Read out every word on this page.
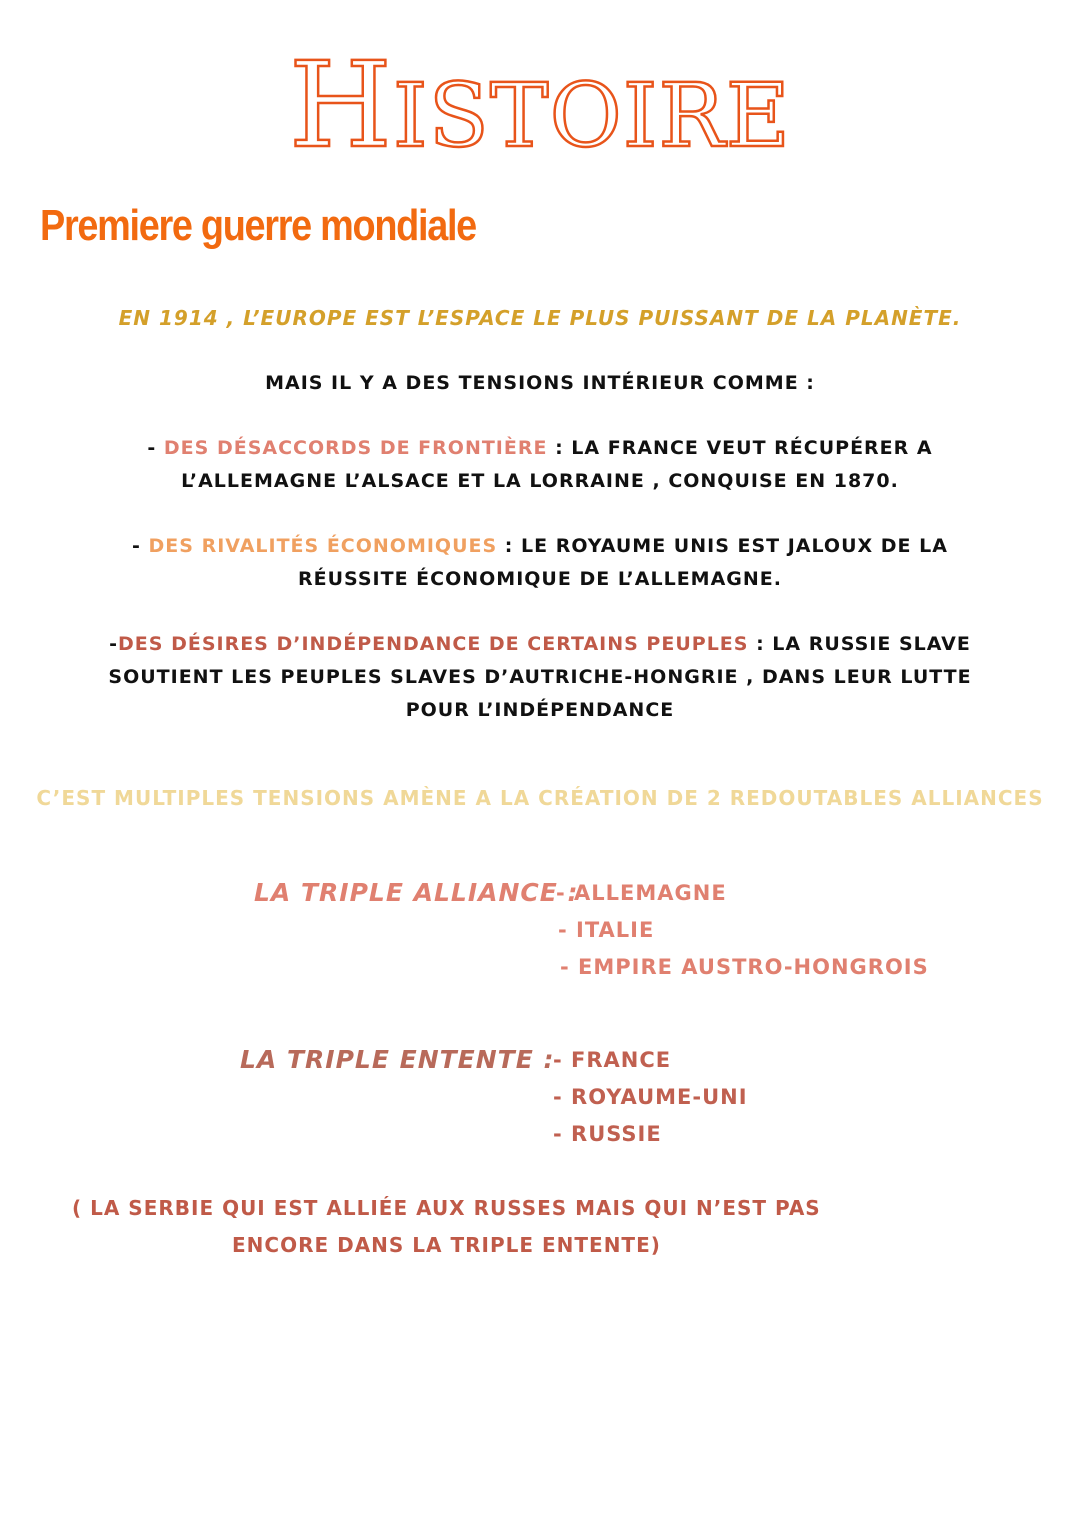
HISTOIRE
Premiere guerre mondiale
EN 1914 , L’EUROPE EST L’ESPACE LE PLUS PUISSANT DE LA PLANÈTE.
MAIS IL Y A DES TENSIONS INTÉRIEUR COMME :
- DES DÉSACCORDS DE FRONTIÈRE : LA FRANCE VEUT RÉCUPÉRER A
L’ALLEMAGNE L’ALSACE ET LA LORRAINE , CONQUISE EN 1870.
- DES RIVALITÉS ÉCONOMIQUES : LE ROYAUME UNIS EST JALOUX DE LA
RÉUSSITE ÉCONOMIQUE DE L’ALLEMAGNE.
-DES DÉSIRES D’INDÉPENDANCE DE CERTAINS PEUPLES : LA RUSSIE SLAVE
SOUTIENT LES PEUPLES SLAVES D’AUTRICHE-HONGRIE , DANS LEUR LUTTE
POUR L’INDÉPENDANCE
C’EST MULTIPLES TENSIONS AMÈNE A LA CRÉATION DE 2 REDOUTABLES ALLIANCES
LA TRIPLE ALLIANCE :
- ALLEMAGNE
- ITALIE
- EMPIRE AUSTRO-HONGROIS
LA TRIPLE ENTENTE :
- FRANCE
- ROYAUME-UNI
- RUSSIE
( LA SERBIE QUI EST ALLIÉE AUX RUSSES MAIS QUI N’EST PAS
ENCORE DANS LA TRIPLE ENTENTE)
